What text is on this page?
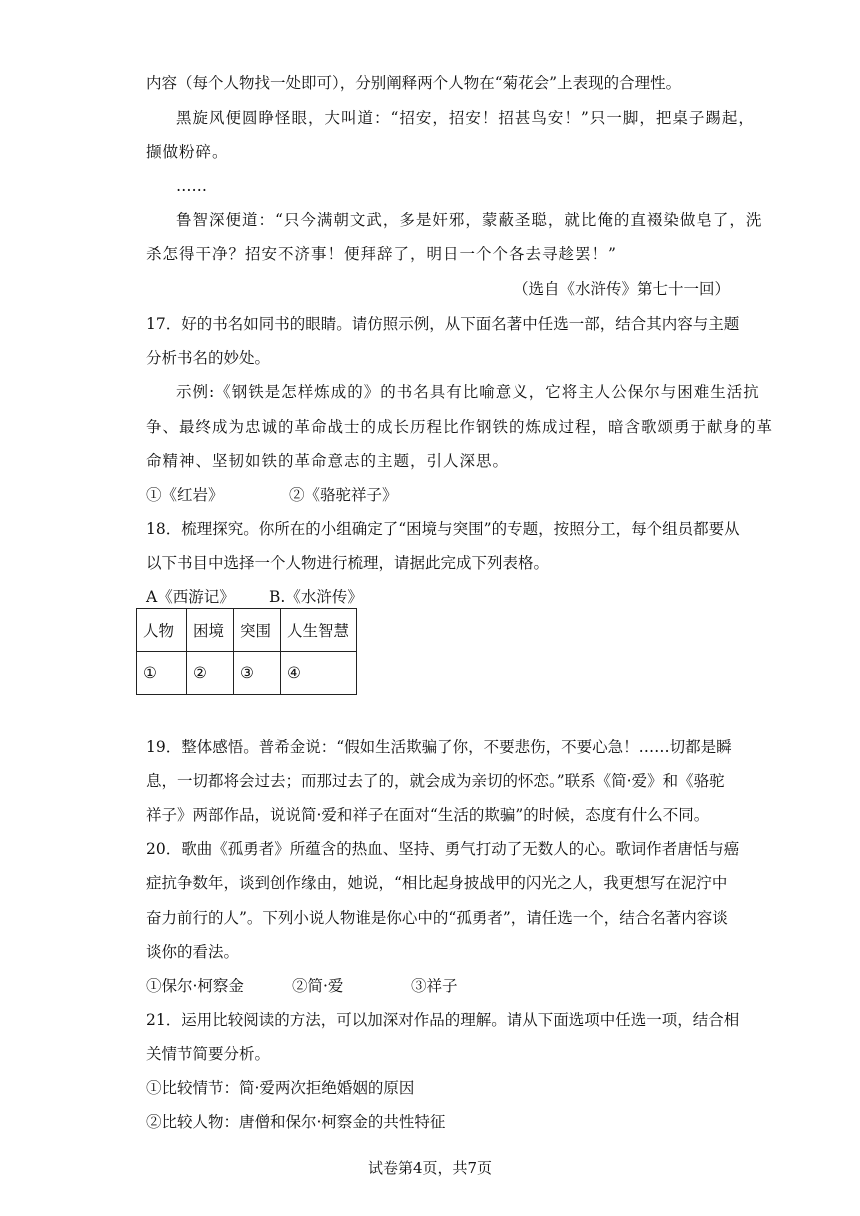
内容（每个人物找一处即可），分别阐释两个人物在“菊花会”上表现的合理性。
黑旋风便圆睁怪眼，大叫道：“招安，招安！招甚鸟安！”只一脚，把桌子踢起，
撷做粉碎。
……
鲁智深便道：“只今满朝文武，多是奸邪，蒙蔽圣聪，就比俺的直裰染做皂了，洗
杀怎得干净？招安不济事！便拜辞了，明日一个个各去寻趁罢！”
（选自《水浒传》第七十一回）
17．好的书名如同书的眼睛。请仿照示例，从下面名著中任选一部，结合其内容与主题
分析书名的妙处。
示例:《钢铁是怎样炼成的》的书名具有比喻意义，它将主人公保尔与困难生活抗
争、最终成为忠诚的革命战士的成长历程比作钢铁的炼成过程，暗含歌颂勇于献身的革
命精神、坚韧如铁的革命意志的主题，引人深思。
①《红岩》	②《骆驼祥子》
18．梳理探究。你所在的小组确定了“困境与突围”的专题，按照分工，每个组员都要从
以下书目中选择一个人物进行梳理，请据此完成下列表格。
A《西游记》 B.《水浒传》
人物	困境	突围	人生智慧
①	②	③	④
19．整体感悟。普希金说：“假如生活欺骗了你，不要悲伤，不要心急！……切都是瞬
息，一切都将会过去；而那过去了的，就会成为亲切的怀恋。”联系《简·爱》和《骆驼
祥子》两部作品，说说简·爱和祥子在面对“生活的欺骗”的时候，态度有什么不同。
20．歌曲《孤勇者》所蕴含的热血、坚持、勇气打动了无数人的心。歌词作者唐恬与癌
症抗争数年，谈到创作缘由，她说，“相比起身披战甲的闪光之人，我更想写在泥泞中
奋力前行的人”。下列小说人物谁是你心中的“孤勇者”，请任选一个，结合名著内容谈
谈你的看法。
①保尔·柯察金	②简·爱	③祥子
21．运用比较阅读的方法，可以加深对作品的理解。请从下面选项中任选一项，结合相
关情节简要分析。
①比较情节：简·爱两次拒绝婚姻的原因
②比较人物：唐僧和保尔·柯察金的共性特征
试卷第4页，共7页
